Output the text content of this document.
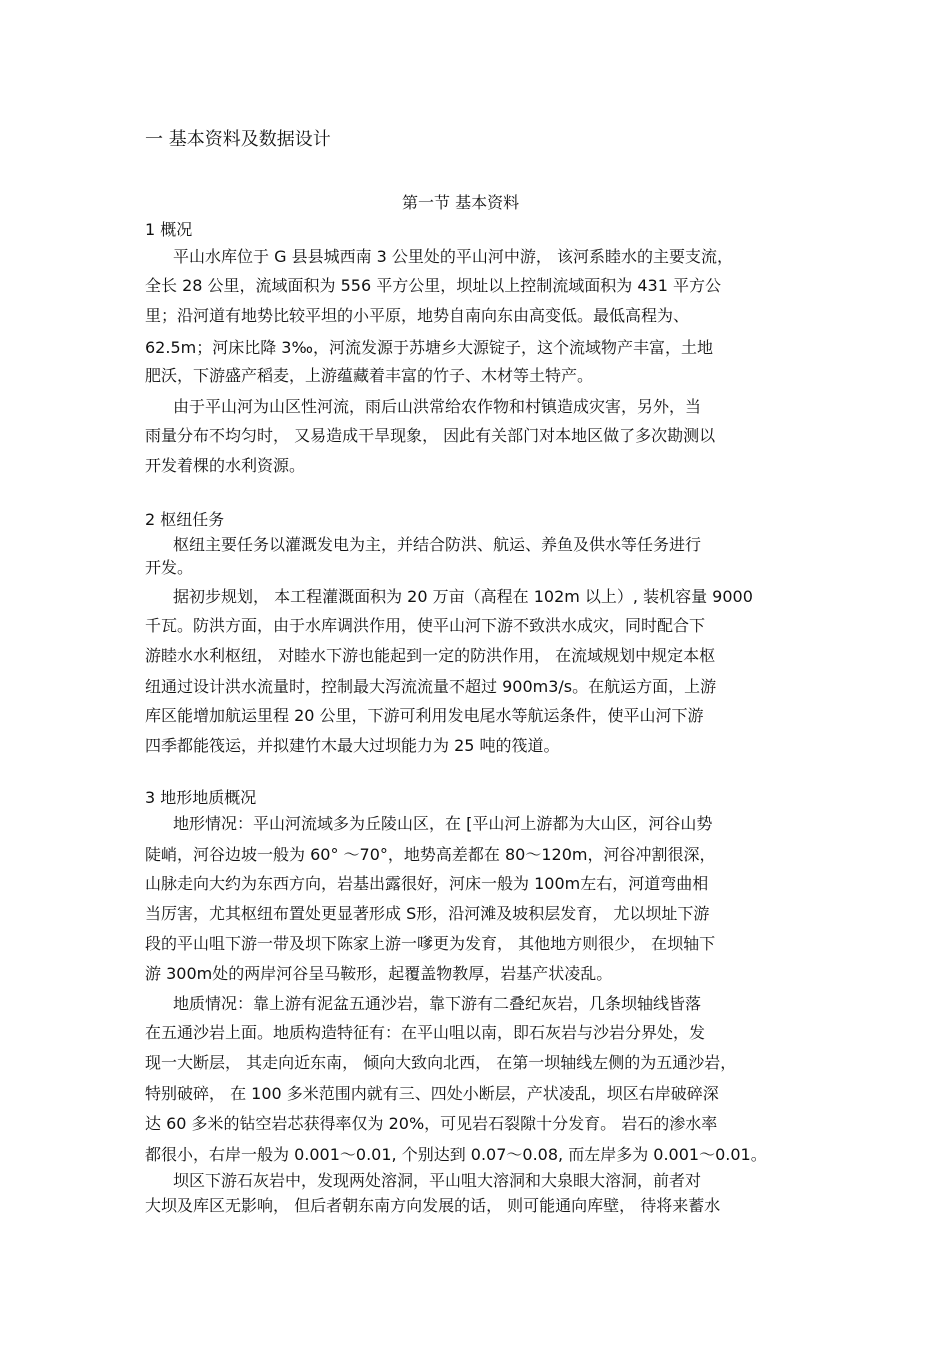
一 基本资料及数据设计
第一节 基本资料
1 概况
平山水库位于 G 县县城西南 3 公里处的平山河中游， 该河系睦水的主要支流，
全长 28 公里，流域面积为 556 平方公里，坝址以上控制流域面积为 431 平方公
里；沿河道有地势比较平坦的小平原，地势自南向东由高变低。最低高程为、
62.5m；河床比降 3‰，河流发源于苏塘乡大源锭子，这个流域物产丰富，土地
肥沃，下游盛产稻麦，上游蕴藏着丰富的竹子、木材等土特产。
由于平山河为山区性河流，雨后山洪常给农作物和村镇造成灾害，另外，当
雨量分布不均匀时， 又易造成干旱现象， 因此有关部门对本地区做了多次勘测以
开发着棵的水利资源。
2 枢纽任务
枢纽主要任务以灌溉发电为主，并结合防洪、航运、养鱼及供水等任务进行
开发。
据初步规划， 本工程灌溉面积为 20 万亩（高程在 102m 以上）, 装机容量 9000
千瓦。防洪方面，由于水库调洪作用，使平山河下游不致洪水成灾，同时配合下
游睦水水利枢纽， 对睦水下游也能起到一定的防洪作用， 在流域规划中规定本枢
纽通过设计洪水流量时，控制最大泻流流量不超过 900m3/s。在航运方面，上游
库区能增加航运里程 20 公里，下游可利用发电尾水等航运条件，使平山河下游
四季都能筏运，并拟建竹木最大过坝能力为 25 吨的筏道。
3 地形地质概况
地形情况：平山河流域多为丘陵山区，在 [平山河上游都为大山区，河谷山势
陡峭，河谷边坡一般为 60° ～70°，地势高差都在 80～120m，河谷冲割很深，
山脉走向大约为东西方向，岩基出露很好，河床一般为 100m左右，河道弯曲相
当厉害，尤其枢纽布置处更显著形成 S形，沿河滩及坡积层发育， 尤以坝址下游
段的平山咀下游一带及坝下陈家上游一嗲更为发育， 其他地方则很少， 在坝轴下
游 300m处的两岸河谷呈马鞍形，起覆盖物教厚，岩基产状凌乱。
地质情况：靠上游有泥盆五通沙岩，靠下游有二叠纪灰岩，几条坝轴线皆落
在五通沙岩上面。地质构造特征有：在平山咀以南，即石灰岩与沙岩分界处，发
现一大断层， 其走向近东南， 倾向大致向北西， 在第一坝轴线左侧的为五通沙岩，
特别破碎， 在 100 多米范围内就有三、四处小断层，产状凌乱，坝区右岸破碎深
达 60 多米的钻空岩芯获得率仅为 20%，可见岩石裂隙十分发育。 岩石的渗水率
都很小，右岸一般为 0.001～0.01, 个别达到 0.07～0.08, 而左岸多为 0.001～0.01。
坝区下游石灰岩中，发现两处溶洞，平山咀大溶洞和大泉眼大溶洞，前者对
大坝及库区无影响， 但后者朝东南方向发展的话， 则可能通向库壁， 待将来蓄水
